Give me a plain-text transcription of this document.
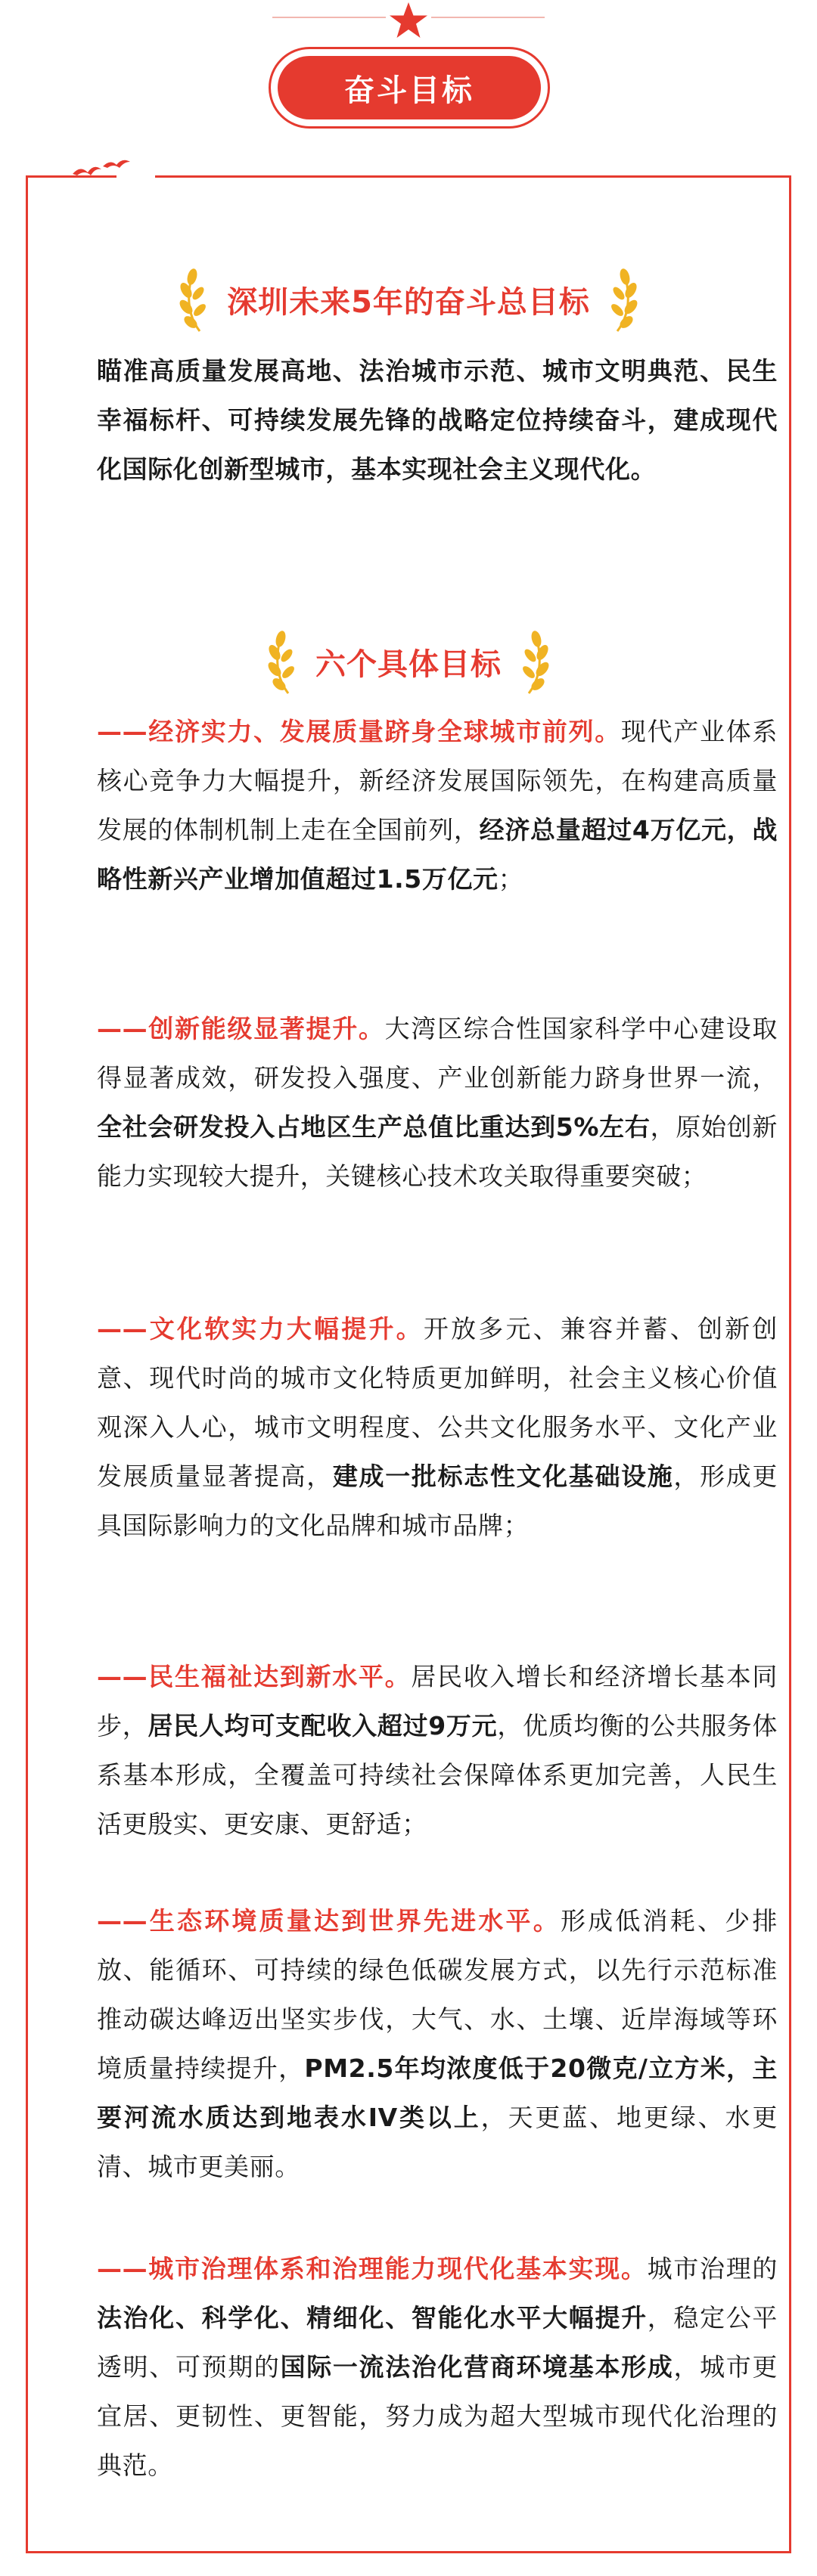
奋斗目标
深圳未来5年的奋斗总目标
瞄准高质量发展高地、法治城市示范、城市文明典范、民生幸福标杆、可持续发展先锋的战略定位持续奋斗，建成现代化国际化创新型城市，基本实现社会主义现代化。
六个具体目标
——经济实力、发展质量跻身全球城市前列。现代产业体系核心竞争力大幅提升，新经济发展国际领先，在构建高质量发展的体制机制上走在全国前列，经济总量超过4万亿元，战略性新兴产业增加值超过1.5万亿元；
——创新能级显著提升。大湾区综合性国家科学中心建设取得显著成效，研发投入强度、产业创新能力跻身世界一流，全社会研发投入占地区生产总值比重达到5%左右，原始创新能力实现较大提升，关键核心技术攻关取得重要突破；
——文化软实力大幅提升。开放多元、兼容并蓄、创新创意、现代时尚的城市文化特质更加鲜明，社会主义核心价值观深入人心，城市文明程度、公共文化服务水平、文化产业发展质量显著提高，建成一批标志性文化基础设施，形成更具国际影响力的文化品牌和城市品牌；
——民生福祉达到新水平。居民收入增长和经济增长基本同步，居民人均可支配收入超过9万元，优质均衡的公共服务体系基本形成，全覆盖可持续社会保障体系更加完善，人民生活更殷实、更安康、更舒适；
——生态环境质量达到世界先进水平。形成低消耗、少排放、能循环、可持续的绿色低碳发展方式，以先行示范标准推动碳达峰迈出坚实步伐，大气、水、土壤、近岸海域等环境质量持续提升，PM2.5年均浓度低于20微克/立方米，主要河流水质达到地表水IV类以上，天更蓝、地更绿、水更清、城市更美丽。
——城市治理体系和治理能力现代化基本实现。城市治理的法治化、科学化、精细化、智能化水平大幅提升，稳定公平透明、可预期的国际一流法治化营商环境基本形成，城市更宜居、更韧性、更智能，努力成为超大型城市现代化治理的典范。
